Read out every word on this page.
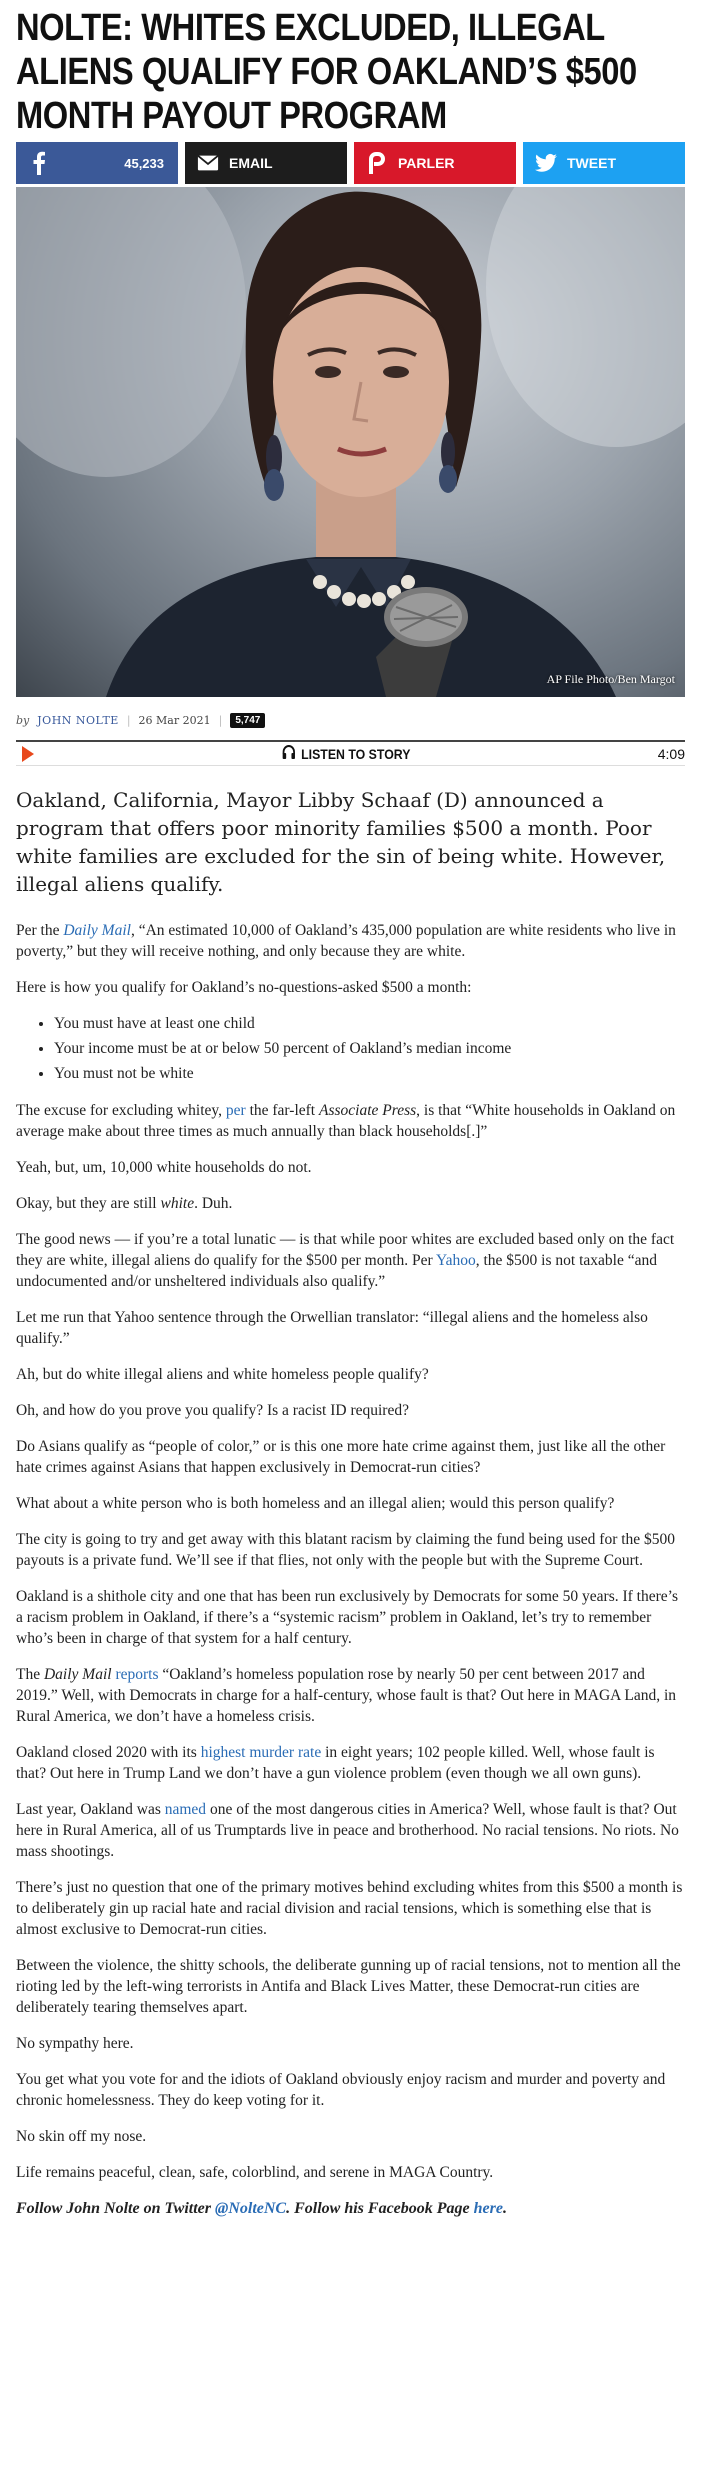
NOLTE: WHITES EXCLUDED, ILLEGAL ALIENS QUALIFY FOR OAKLAND’S $500 MONTH PAYOUT PROGRAM
45,233	EMAIL	PARLER	TWEET
AP File Photo/Ben Margot
by JOHN NOLTE | 26 Mar 2021 |	5,747
LISTEN TO STORY	4:09

Oakland, California, Mayor Libby Schaaf (D) announced a program that offers poor minority families $500 a month. Poor white families are excluded for the sin of being white. However, illegal aliens qualify.

Per the Daily Mail, “An estimated 10,000 of Oakland’s 435,000 population are white residents who live in poverty,” but they will receive nothing, and only because they are white.

Here is how you qualify for Oakland’s no-questions-asked $500 a month:

• You must have at least one child
• Your income must be at or below 50 percent of Oakland’s median income
• You must not be white

The excuse for excluding whitey, per the far-left Associate Press, is that “White households in Oakland on average make about three times as much annually than black households[.]”

Yeah, but, um, 10,000 white households do not.

Okay, but they are still white. Duh.

The good news — if you’re a total lunatic — is that while poor whites are excluded based only on the fact they are white, illegal aliens do qualify for the $500 per month. Per Yahoo, the $500 is not taxable “and undocumented and/or unsheltered individuals also qualify.”

Let me run that Yahoo sentence through the Orwellian translator: “illegal aliens and the homeless also qualify.”

Ah, but do white illegal aliens and white homeless people qualify?

Oh, and how do you prove you qualify? Is a racist ID required?

Do Asians qualify as “people of color,” or is this one more hate crime against them, just like all the other hate crimes against Asians that happen exclusively in Democrat-run cities?

What about a white person who is both homeless and an illegal alien; would this person qualify?

The city is going to try and get away with this blatant racism by claiming the fund being used for the $500 payouts is a private fund. We’ll see if that flies, not only with the people but with the Supreme Court.

Oakland is a shithole city and one that has been run exclusively by Democrats for some 50 years. If there’s a racism problem in Oakland, if there’s a “systemic racism” problem in Oakland, let’s try to remember who’s been in charge of that system for a half century.

The Daily Mail reports “Oakland’s homeless population rose by nearly 50 per cent between 2017 and 2019.” Well, with Democrats in charge for a half-century, whose fault is that? Out here in MAGA Land, in Rural America, we don’t have a homeless crisis.

Oakland closed 2020 with its highest murder rate in eight years; 102 people killed. Well, whose fault is that? Out here in Trump Land we don’t have a gun violence problem (even though we all own guns).

Last year, Oakland was named one of the most dangerous cities in America? Well, whose fault is that? Out here in Rural America, all of us Trumptards live in peace and brotherhood. No racial tensions. No riots. No mass shootings.

There’s just no question that one of the primary motives behind excluding whites from this $500 a month is to deliberately gin up racial hate and racial division and racial tensions, which is something else that is almost exclusive to Democrat-run cities.

Between the violence, the shitty schools, the deliberate gunning up of racial tensions, not to mention all the rioting led by the left-wing terrorists in Antifa and Black Lives Matter, these Democrat-run cities are deliberately tearing themselves apart.

No sympathy here.

You get what you vote for and the idiots of Oakland obviously enjoy racism and murder and poverty and chronic homelessness. They do keep voting for it.

No skin off my nose.

Life remains peaceful, clean, safe, colorblind, and serene in MAGA Country.

Follow John Nolte on Twitter @NolteNC. Follow his Facebook Page here.
